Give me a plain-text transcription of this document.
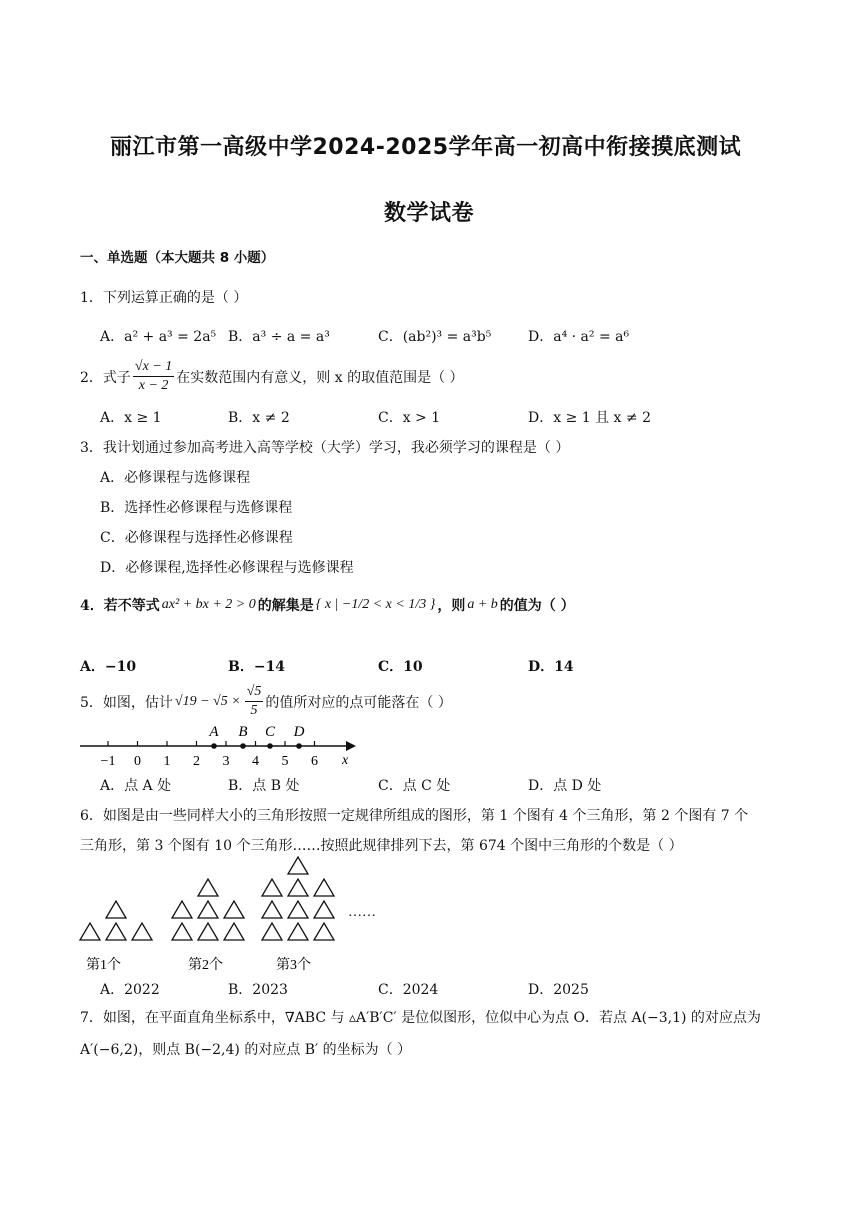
丽江市第一高级中学2024-2025学年高一初高中衔接摸底测试
数学试卷
一、单选题（本大题共 8 小题）
1．下列运算正确的是（ ）
A．a² + a³ = 2a⁵ B．a³ ÷ a = a³	C．(ab²)³ = a³b⁵	D．a⁴ · a² = a⁶
2．式子 $\frac{√x - 1}{x - 2}$ 在实数范围内有意义，则 x 的取值范围是（ ）
A．x ≥ 1	B．x ≠ 2	C．x > 1	D．x ≥ 1 且 x ≠ 2
3．我计划通过参加高考进入高等学校（大学）学习，我必须学习的课程是（ ）
A．必修课程与选修课程
B．选择性必修课程与选修课程
C．必修课程与选择性必修课程
D．必修课程,选择性必修课程与选修课程
4．若不等式 ax² + bx + 2 > 0 的解集是 { x | −1/2 < x < 1/3 } ，则 a + b 的值为（ ）
A．−10	B．−14	C．10	D．14
5．如图，估计 $√19 - √5 \times \frac{√5}{5}$ 的值所对应的点可能落在（ ）
−1 0 1 2 3 4 5 6
A B C D
x
A．点 A 处	B．点 B 处	C．点 C 处	D．点 D 处
6．如图是由一些同样大小的三角形按照一定规律所组成的图形，第 1 个图有 4 个三角形，第 2 个图有 7 个
三角形，第 3 个图有 10 个三角形……按照此规律排列下去，第 674 个图中三角形的个数是（ ）
第1个	第2个	第3个
……
A．2022	B．2023	C．2024	D．2025
7．如图，在平面直角坐标系中，∇ABC 与 ▵A′B′C′ 是位似图形，位似中心为点 O．若点 A(−3,1) 的对应点为
A′(−6,2)，则点 B(−2,4) 的对应点 B′ 的坐标为（ ）
